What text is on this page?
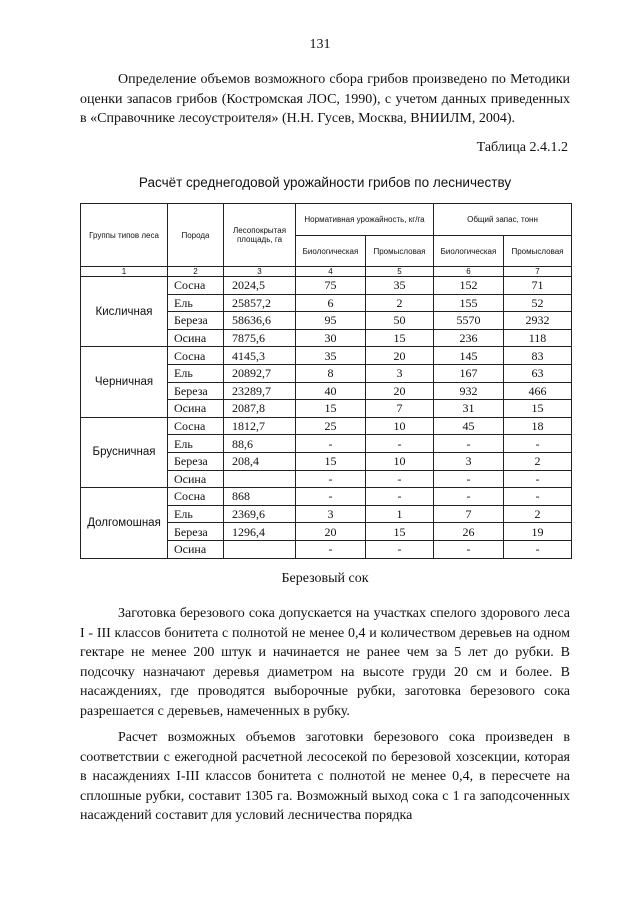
131

Определение объемов возможного сбора грибов произведено по Методики оценки запасов грибов (Костромская ЛОС, 1990), с учетом данных приведенных в «Справочнике лесоустроителя» (Н.Н. Гусев, Москва, ВНИИЛМ, 2004).

Таблица 2.4.1.2
Расчёт среднегодовой урожайности грибов по лесничеству
Группы типов леса	Порода	Лесопокрытая площадь, га	Нормативная урожайность, кг/га		Общий запас, тонн	
			Биологическая	Промысловая	Биологическая	Промысловая
1	2	3	4	5	6	7
Кисличная	Сосна	2024,5	75	35	152	71
	Ель	25857,2	6	2	155	52
	Береза	58636,6	95	50	5570	2932
	Осина	7875,6	30	15	236	118
Черничная	Сосна	4145,3	35	20	145	83
	Ель	20892,7	8	3	167	63
	Береза	23289,7	40	20	932	466
	Осина	2087,8	15	7	31	15
Брусничная	Сосна	1812,7	25	10	45	18
	Ель	88,6	-	-	-	-
	Береза	208,4	15	10	3	2
	Осина		-	-	-	-
Долгомошная	Сосна	868	-	-	-	-
	Ель	2369,6	3	1	7	2
	Береза	1296,4	20	15	26	19
	Осина		-	-	-	-
Березовый сок

Заготовка березового сока допускается на участках спелого здорового леса I - III классов бонитета с полнотой не менее 0,4 и количеством деревьев на одном гектаре не менее 200 штук и начинается не ранее чем за 5 лет до рубки. В подсочку назначают деревья диаметром на высоте груди 20 см и более. В насаждениях, где проводятся выборочные рубки, заготовка березового сока разрешается с деревьев, намеченных в рубку.

Расчет возможных объемов заготовки березового сока произведен в соответствии с ежегодной расчетной лесосекой по березовой хозсекции, которая в насаждениях I-III классов бонитета с полнотой не менее 0,4, в пересчете на сплошные рубки, составит 1305 га. Возможный выход сока с 1 га заподсоченных насаждений составит для условий лесничества порядка
